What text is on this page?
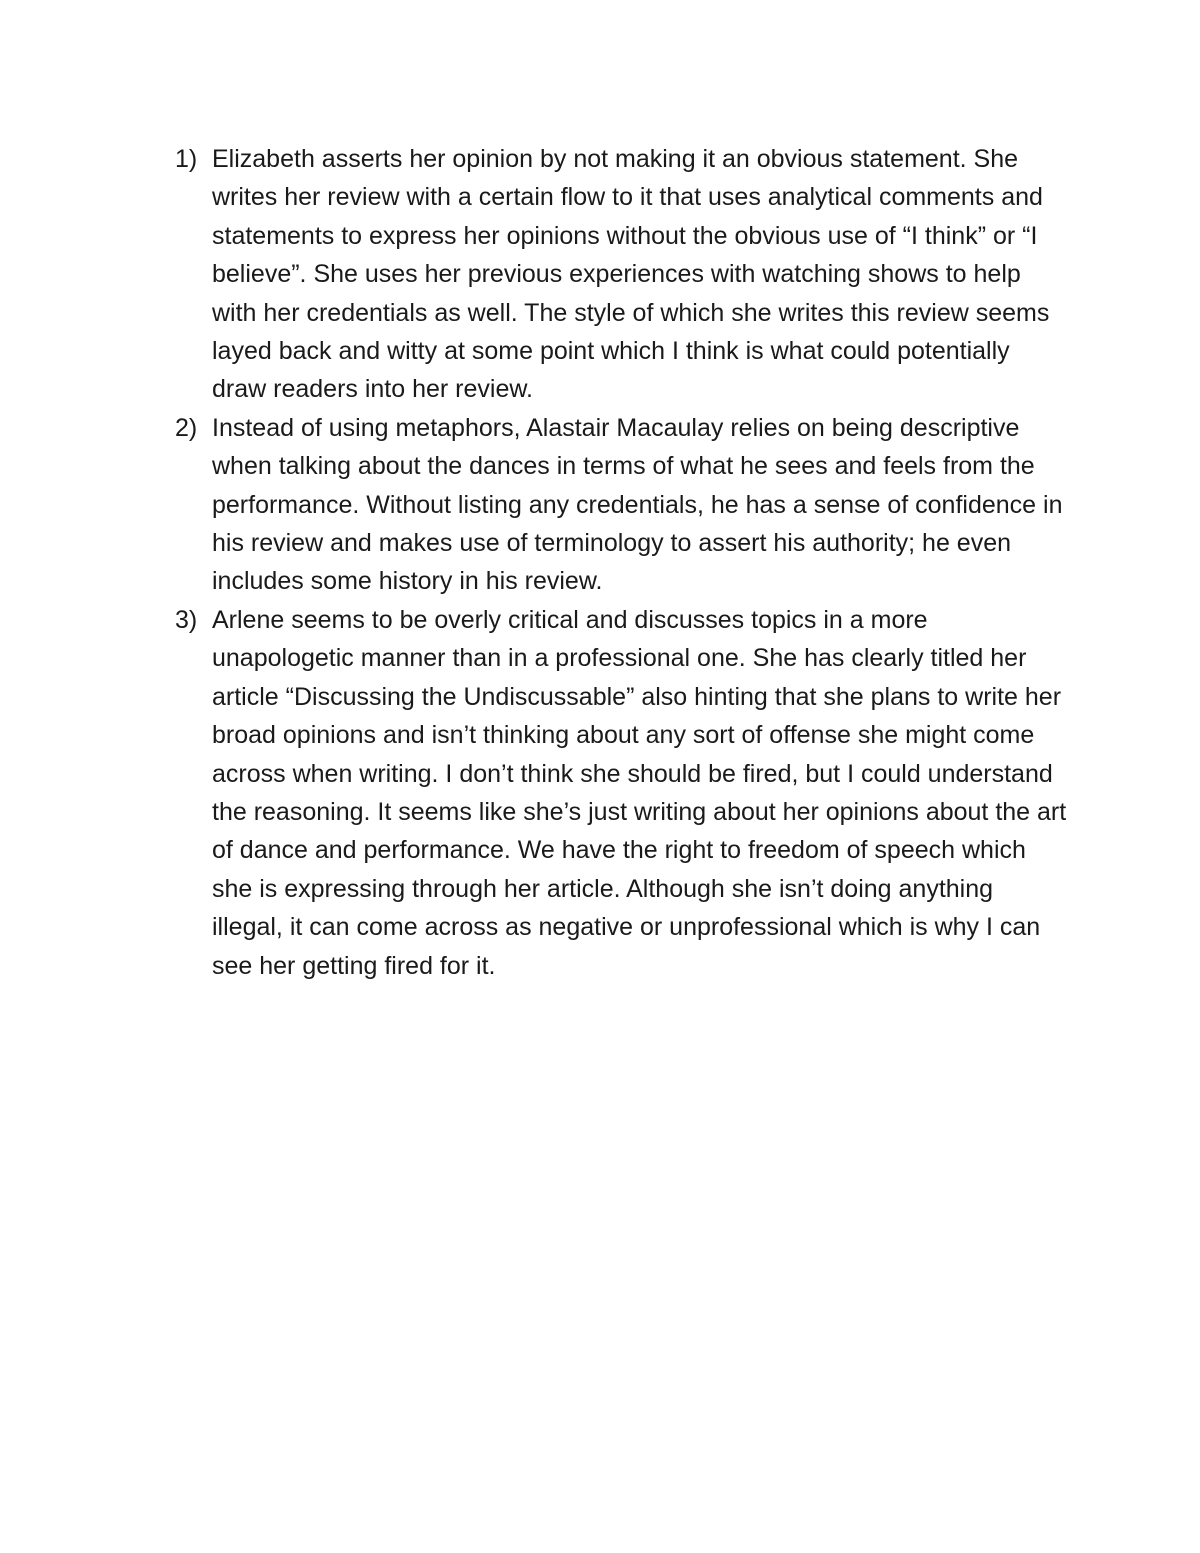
1) Elizabeth asserts her opinion by not making it an obvious statement. She writes her review with a certain flow to it that uses analytical comments and statements to express her opinions without the obvious use of “I think” or “I believe”. She uses her previous experiences with watching shows to help with her credentials as well. The style of which she writes this review seems layed back and witty at some point which I think is what could potentially draw readers into her review.

2) Instead of using metaphors, Alastair Macaulay relies on being descriptive when talking about the dances in terms of what he sees and feels from the performance. Without listing any credentials, he has a sense of confidence in his review and makes use of terminology to assert his authority; he even includes some history in his review.

3) Arlene seems to be overly critical and discusses topics in a more unapologetic manner than in a professional one. She has clearly titled her article “Discussing the Undiscussable” also hinting that she plans to write her broad opinions and isn’t thinking about any sort of offense she might come across when writing. I don’t think she should be fired, but I could understand the reasoning. It seems like she’s just writing about her opinions about the art of dance and performance. We have the right to freedom of speech which she is expressing through her article. Although she isn’t doing anything illegal, it can come across as negative or unprofessional which is why I can see her getting fired for it.
